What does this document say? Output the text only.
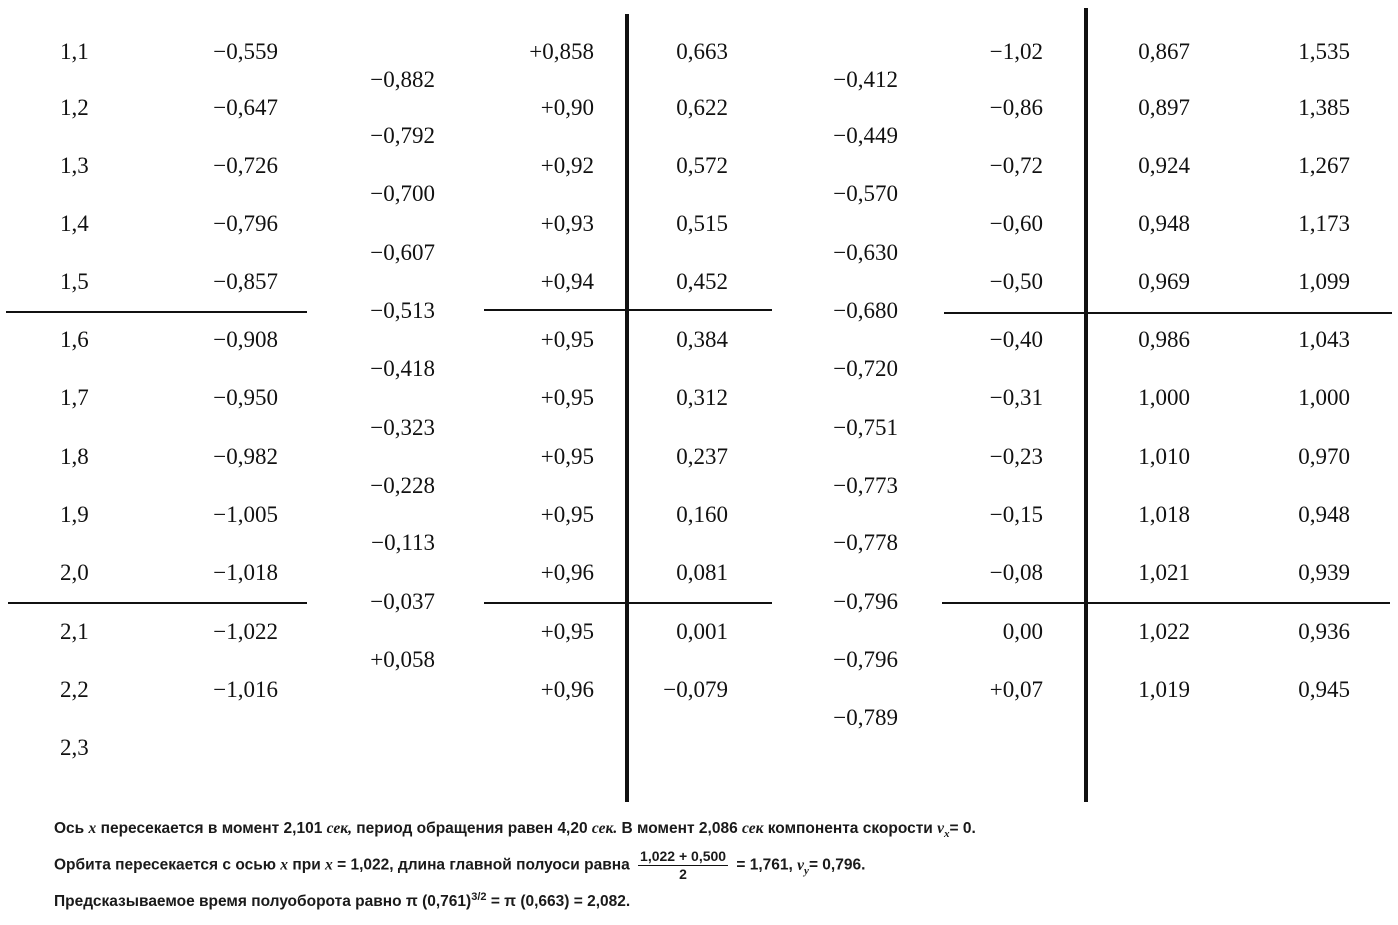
1,1
1,2
1,3
1,4
1,5
1,6
1,7
1,8
1,9
2,0
2,1
2,2
2,3
−0,559
−0,647
−0,726
−0,796
−0,857
−0,908
−0,950
−0,982
−1,005
−1,018
−1,022
−1,016
−0,882
−0,792
−0,700
−0,607
−0,513
−0,418
−0,323
−0,228
−0,113
−0,037
+0,058
+0,858
+0,90
+0,92
+0,93
+0,94
+0,95
+0,95
+0,95
+0,95
+0,96
+0,95
+0,96
0,663
0,622
0,572
0,515
0,452
0,384
0,312
0,237
0,160
0,081
0,001
−0,079
−0,412
−0,449
−0,570
−0,630
−0,680
−0,720
−0,751
−0,773
−0,778
−0,796
−0,796
−0,789
−1,02
−0,86
−0,72
−0,60
−0,50
−0,40
−0,31
−0,23
−0,15
−0,08
0,00
+0,07
0,867
0,897
0,924
0,948
0,969
0,986
1,000
1,010
1,018
1,021
1,022
1,019
1,535
1,385
1,267
1,173
1,099
1,043
1,000
0,970
0,948
0,939
0,936
0,945
Ось x пересекается в момент 2,101 сек, период обращения равен 4,20 сек. В момент 2,086 сек компонента скорости $v_x= 0$.
Орбита пересекается с осью x при x = 1,022, длина главной полуоси равна $\frac{1,022 + 0,500}{2} = 1,761$, $v_y= 0,796$.
Предсказываемое время полуоборота равно π $(0,761)^{3/2} = \pi$ (0,663) = 2,082.
